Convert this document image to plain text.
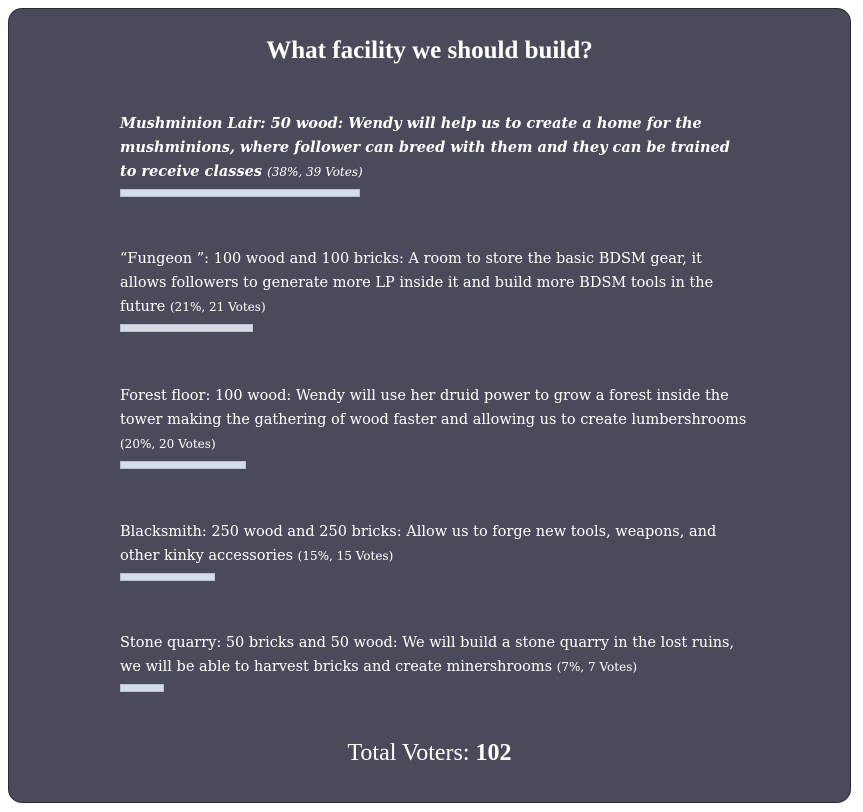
What facility we should build?
Mushminion Lair: 50 wood: Wendy will help us to create a home for the mushminions, where follower can breed with them and they can be trained to receive classes (38%, 39 Votes)
“Fungeon ”: 100 wood and 100 bricks: A room to store the basic BDSM gear, it allows followers to generate more LP inside it and build more BDSM tools in the future (21%, 21 Votes)
Forest floor: 100 wood: Wendy will use her druid power to grow a forest inside the tower making the gathering of wood faster and allowing us to create lumbershrooms (20%, 20 Votes)
Blacksmith: 250 wood and 250 bricks: Allow us to forge new tools, weapons, and other kinky accessories (15%, 15 Votes)
Stone quarry: 50 bricks and 50 wood: We will build a stone quarry in the lost ruins, we will be able to harvest bricks and create minershrooms (7%, 7 Votes)
Total Voters: 102
